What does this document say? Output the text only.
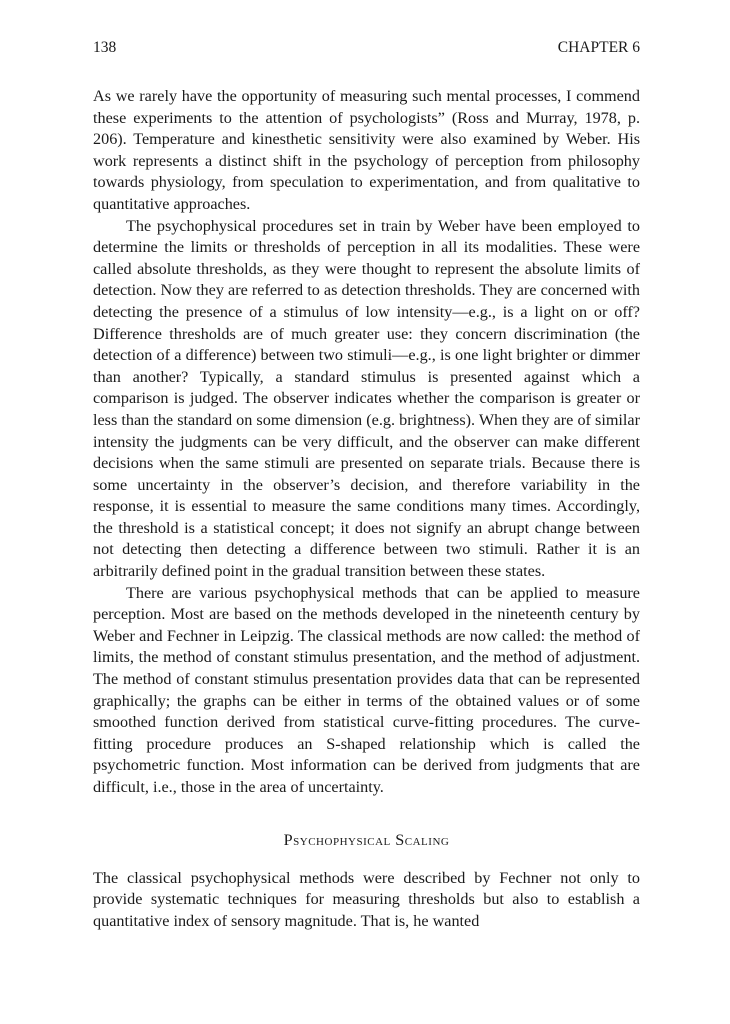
138	CHAPTER 6

As we rarely have the opportunity of measuring such mental processes, I commend these experiments to the attention of psychologists” (Ross and Murray, 1978, p. 206). Temperature and kinesthetic sensitivity were also examined by Weber. His work represents a distinct shift in the psychology of perception from philosophy towards physiology, from speculation to experimentation, and from qualitative to quantitative approaches.

The psychophysical procedures set in train by Weber have been employed to determine the limits or thresholds of perception in all its modalities. These were called absolute thresholds, as they were thought to represent the absolute limits of detection. Now they are referred to as detection thresholds. They are concerned with detecting the presence of a stimulus of low intensity—e.g., is a light on or off? Difference thresholds are of much greater use: they concern discrimination (the detection of a difference) between two stimuli—e.g., is one light brighter or dimmer than another? Typically, a standard stimulus is presented against which a comparison is judged. The observer indicates whether the comparison is greater or less than the standard on some dimension (e.g. brightness). When they are of similar intensity the judgments can be very difficult, and the observer can make different decisions when the same stimuli are presented on separate trials. Because there is some uncertainty in the observer’s decision, and therefore variability in the response, it is essential to measure the same conditions many times. Accordingly, the threshold is a statistical concept; it does not signify an abrupt change between not detecting then detecting a difference between two stimuli. Rather it is an arbitrarily defined point in the gradual transition between these states.

There are various psychophysical methods that can be applied to measure perception. Most are based on the methods developed in the nineteenth century by Weber and Fechner in Leipzig. The classical methods are now called: the method of limits, the method of constant stimulus presentation, and the method of adjustment. The method of constant stimulus presentation provides data that can be represented graphically; the graphs can be either in terms of the obtained values or of some smoothed function derived from statistical curve-fitting procedures. The curve-fitting procedure produces an S-shaped relationship which is called the psychometric function. Most information can be derived from judgments that are difficult, i.e., those in the area of uncertainty.

Psychophysical Scaling

The classical psychophysical methods were described by Fechner not only to provide systematic techniques for measuring thresholds but also to establish a quantitative index of sensory magnitude. That is, he wanted
